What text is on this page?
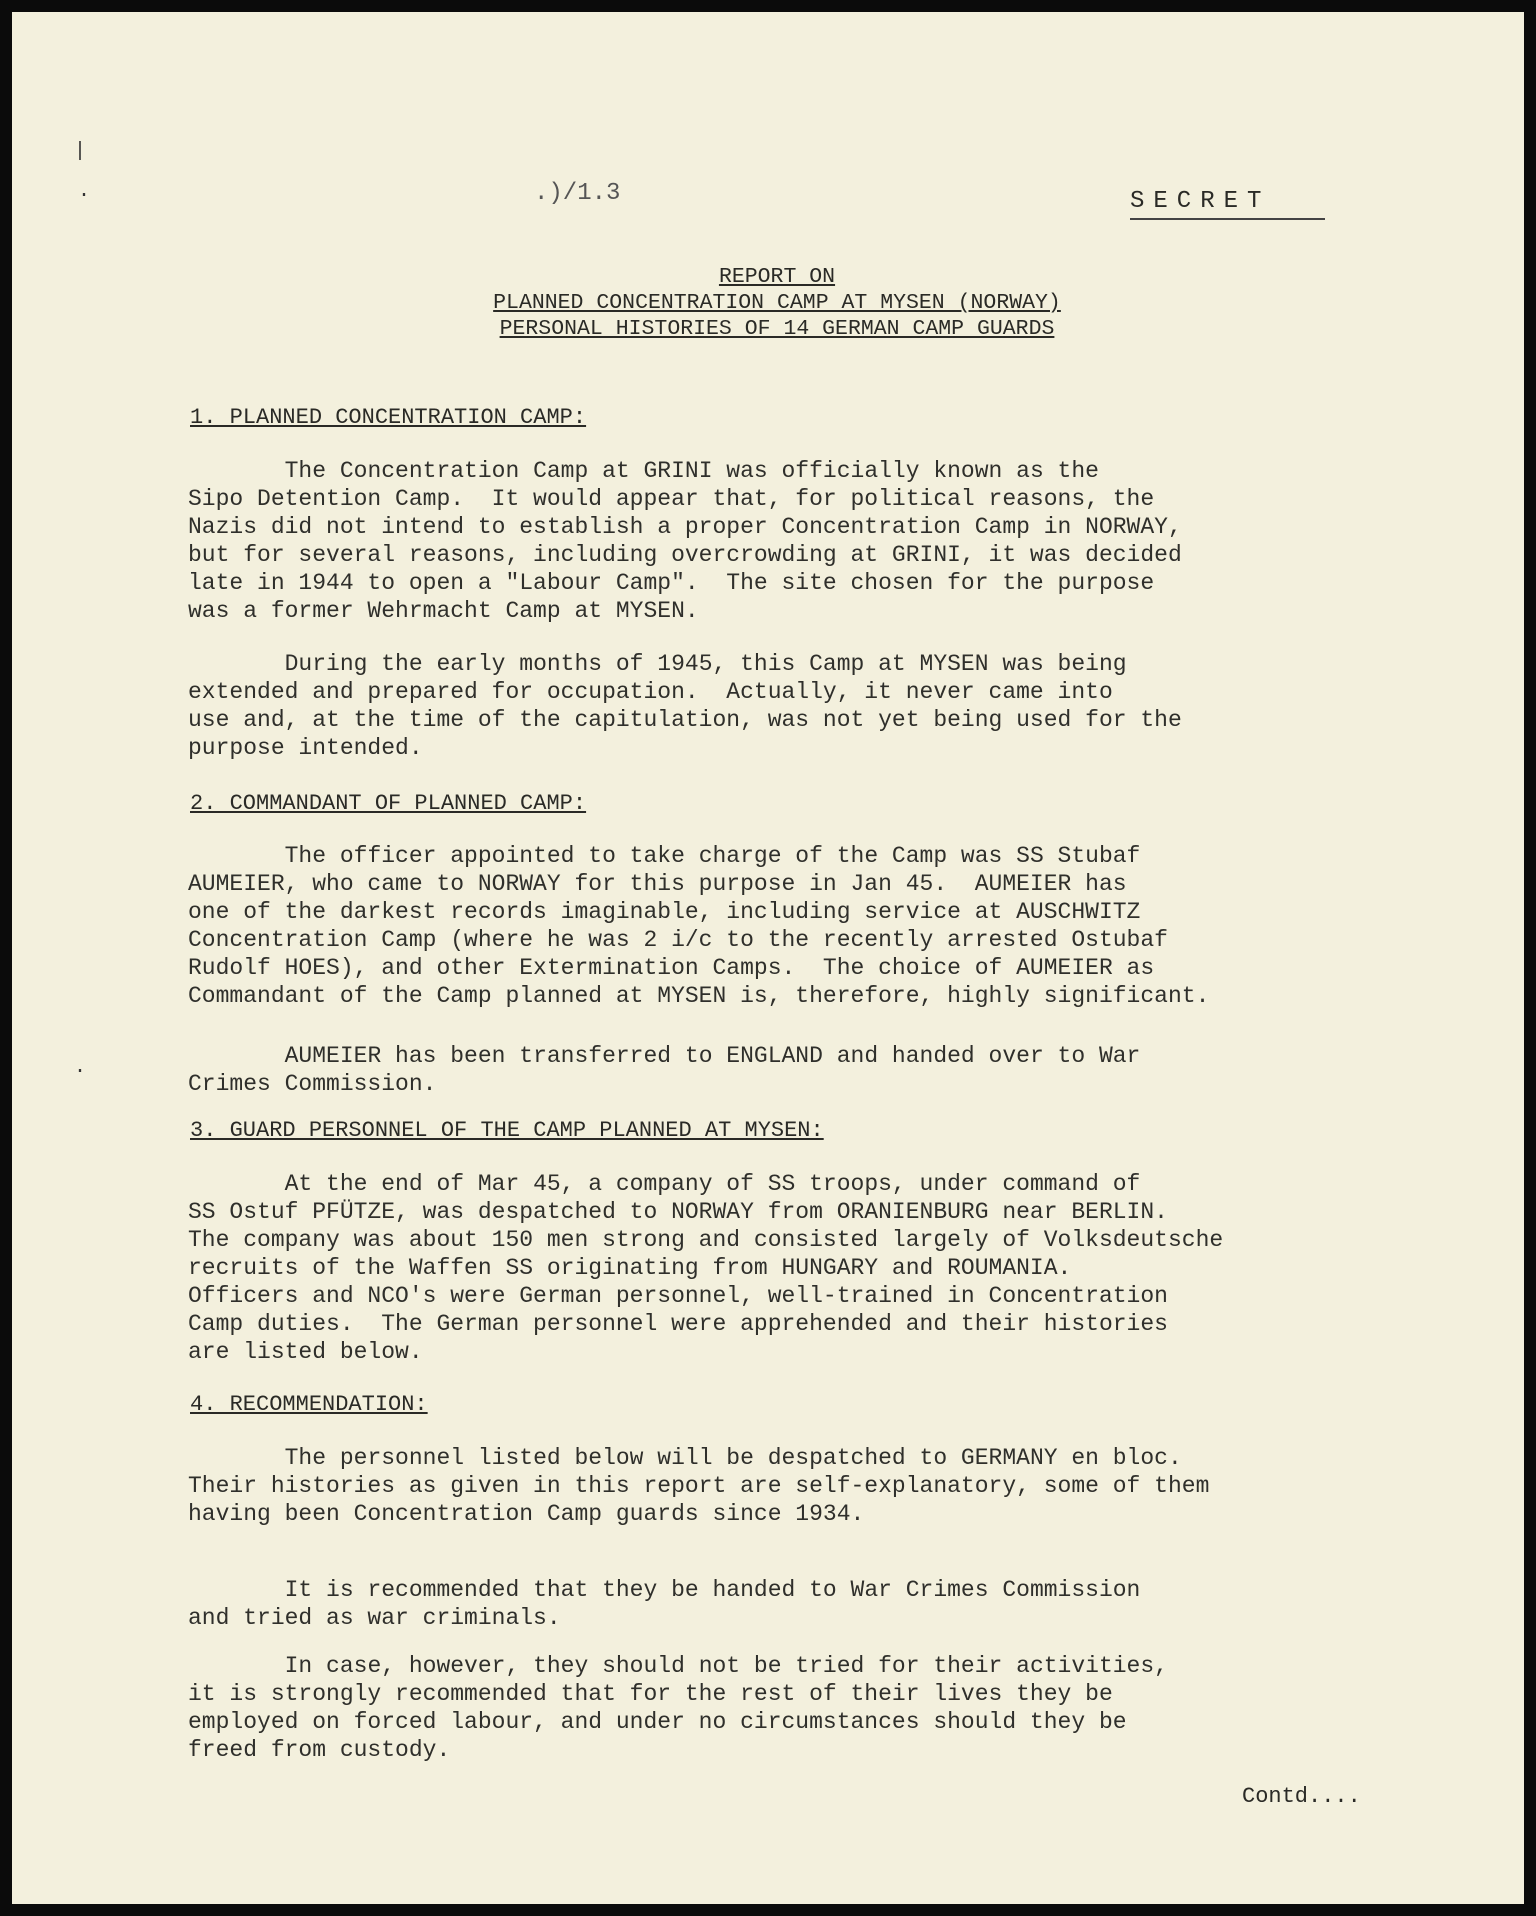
|
·
·
.)/1.3	SECRET

REPORT ON

PLANNED CONCENTRATION CAMP AT MYSEN (NORWAY)

PERSONAL HISTORIES OF 14 GERMAN CAMP GUARDS

1. PLANNED CONCENTRATION CAMP:
The Concentration Camp at GRINI was officially known as the
Sipo Detention Camp.  It would appear that, for political reasons, the
Nazis did not intend to establish a proper Concentration Camp in NORWAY,
but for several reasons, including overcrowding at GRINI, it was decided
late in 1944 to open a "Labour Camp".  The site chosen for the purpose
was a former Wehrmacht Camp at MYSEN.
During the early months of 1945, this Camp at MYSEN was being
extended and prepared for occupation.  Actually, it never came into
use and, at the time of the capitulation, was not yet being used for the
purpose intended.
2. COMMANDANT OF PLANNED CAMP:
The officer appointed to take charge of the Camp was SS Stubaf
AUMEIER, who came to NORWAY for this purpose in Jan 45.  AUMEIER has
one of the darkest records imaginable, including service at AUSCHWITZ
Concentration Camp (where he was 2 i/c to the recently arrested Ostubaf
Rudolf HOES), and other Extermination Camps.  The choice of AUMEIER as
Commandant of the Camp planned at MYSEN is, therefore, highly significant.
AUMEIER has been transferred to ENGLAND and handed over to War
Crimes Commission.
3. GUARD PERSONNEL OF THE CAMP PLANNED AT MYSEN:
At the end of Mar 45, a company of SS troops, under command of
SS Ostuf PFÜTZE, was despatched to NORWAY from ORANIENBURG near BERLIN.
The company was about 150 men strong and consisted largely of Volksdeutsche
recruits of the Waffen SS originating from HUNGARY and ROUMANIA.
Officers and NCO's were German personnel, well-trained in Concentration
Camp duties.  The German personnel were apprehended and their histories
are listed below.
4. RECOMMENDATION:
The personnel listed below will be despatched to GERMANY en bloc.
Their histories as given in this report are self-explanatory, some of them
having been Concentration Camp guards since 1934.
It is recommended that they be handed to War Crimes Commission
and tried as war criminals.
In case, however, they should not be tried for their activities,
it is strongly recommended that for the rest of their lives they be
employed on forced labour, and under no circumstances should they be
freed from custody.
Contd....
